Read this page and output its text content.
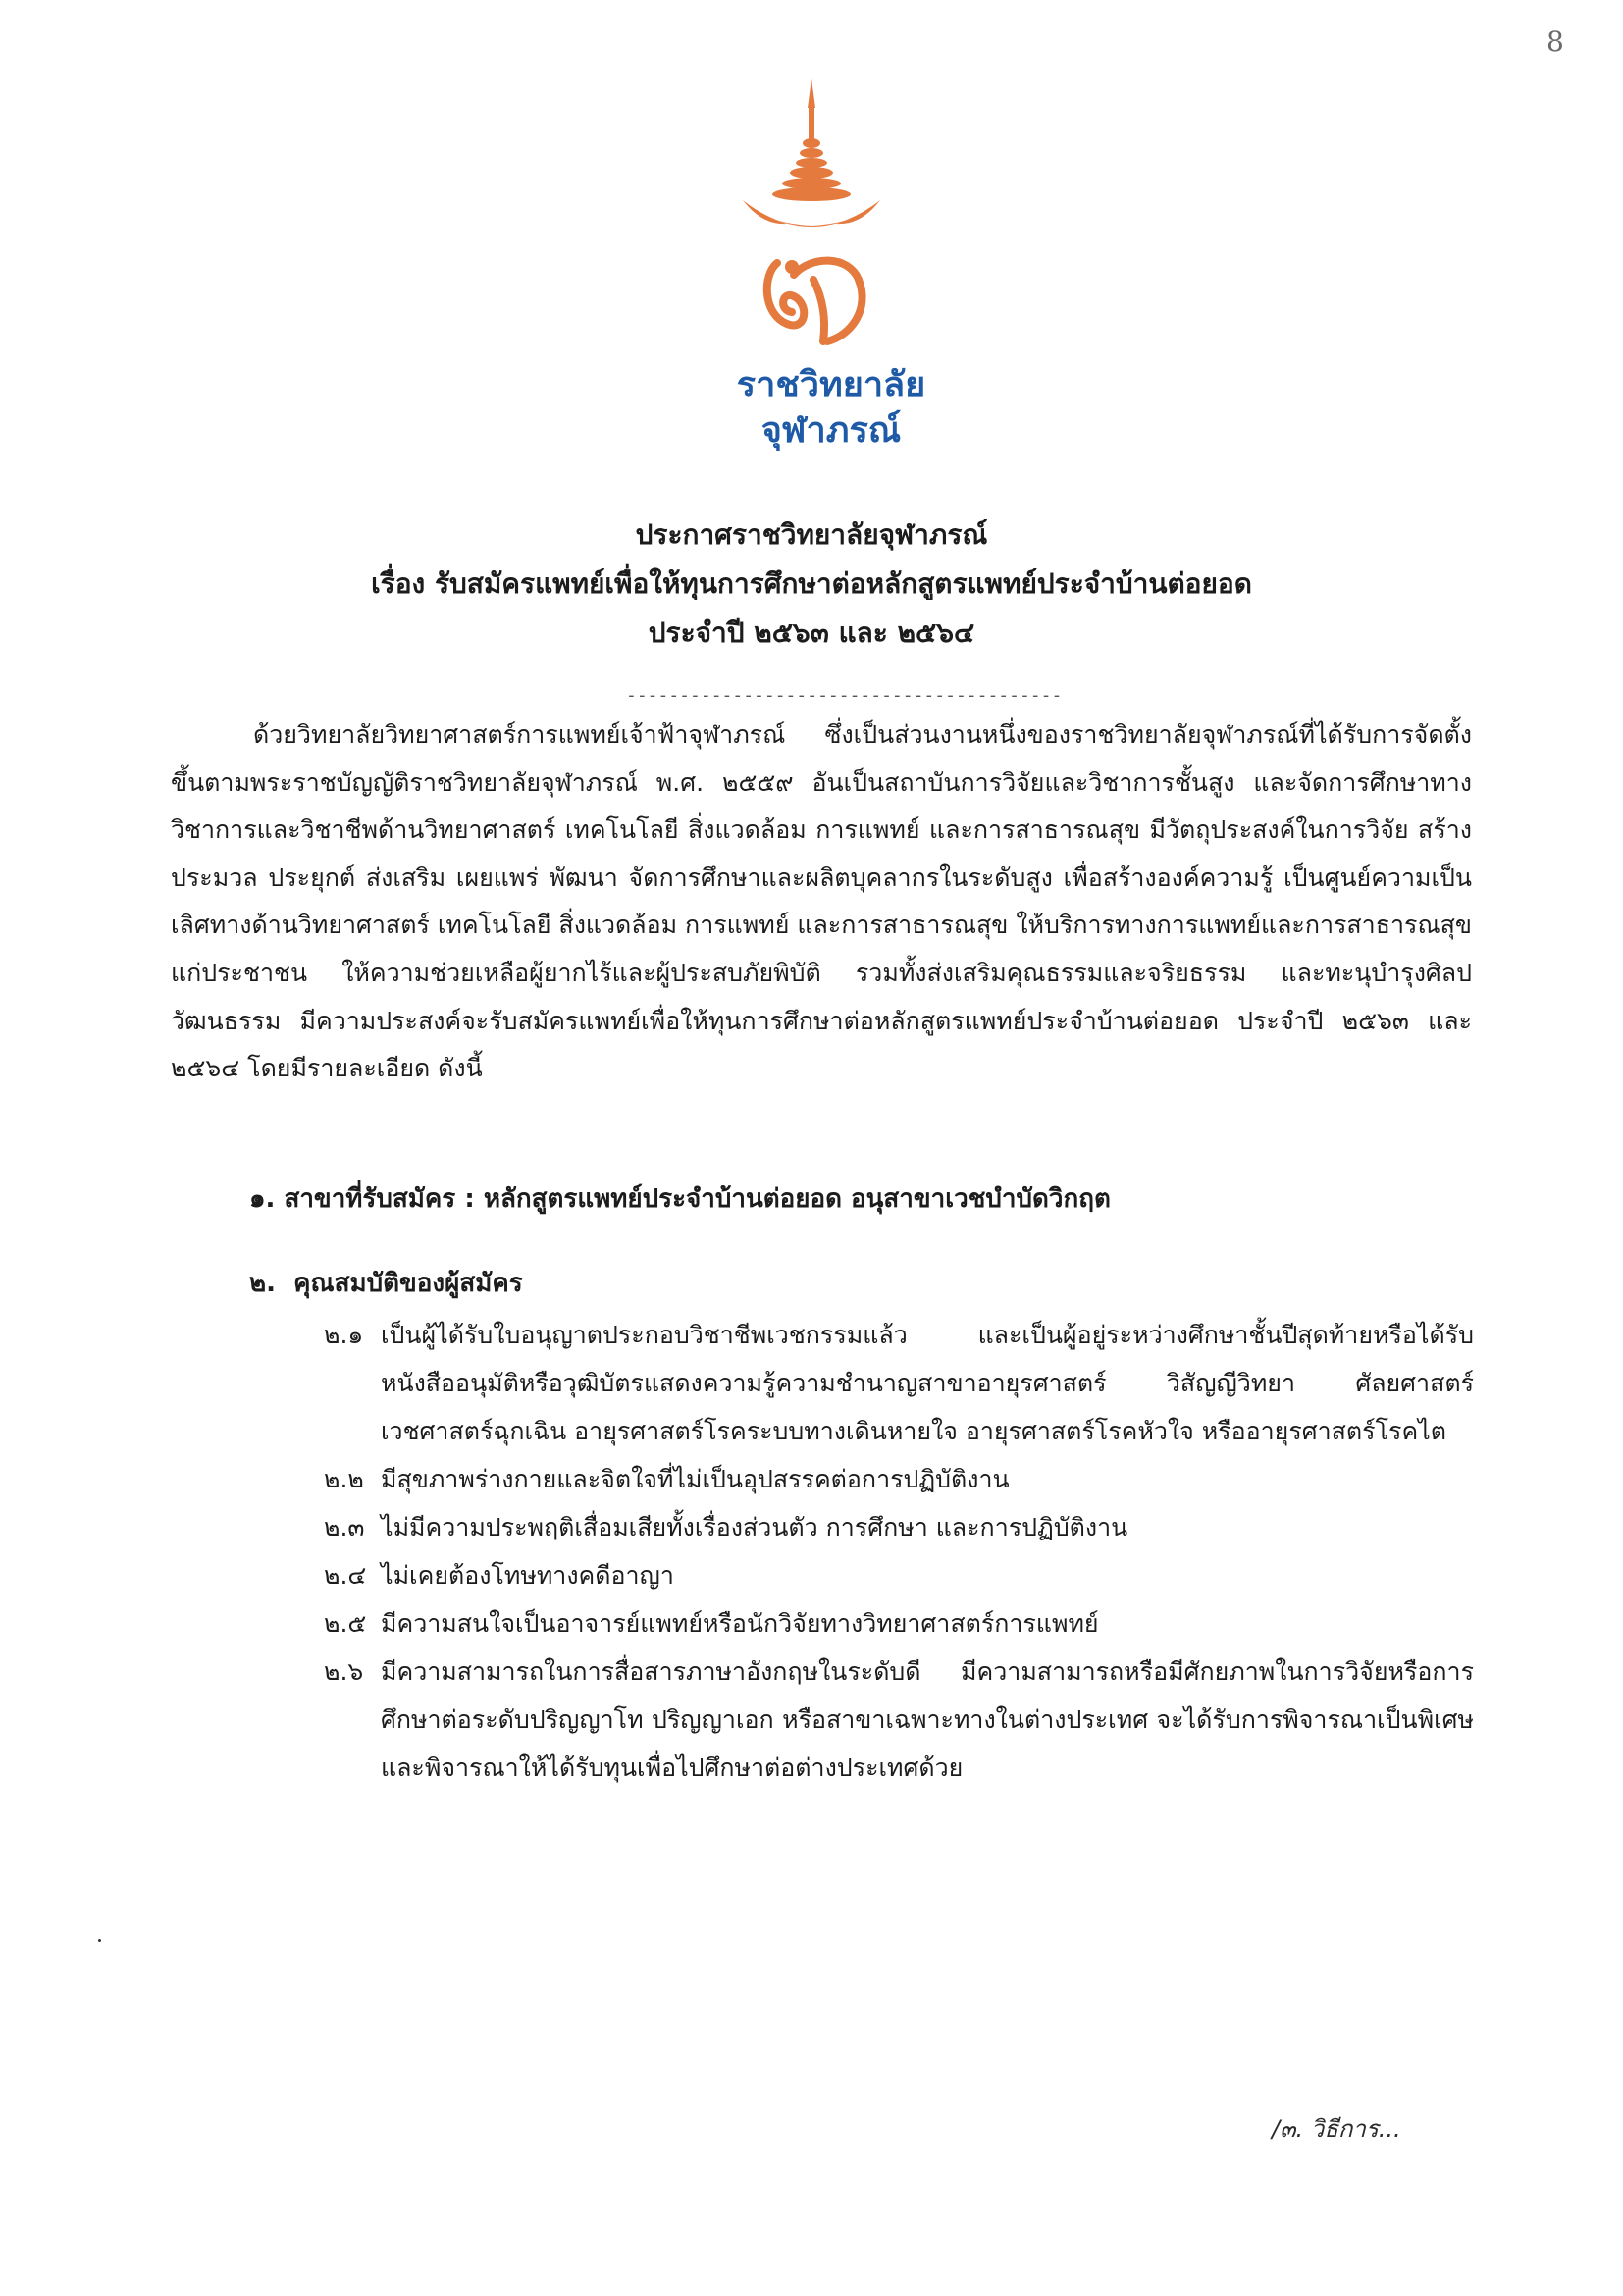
8
ราชวิทยาลัย
จุฬาภรณ์
ประกาศราชวิทยาลัยจุฬาภรณ์
เรื่อง รับสมัครแพทย์เพื่อให้ทุนการศึกษาต่อหลักสูตรแพทย์ประจำบ้านต่อยอด
ประจำปี ๒๕๖๓ และ ๒๕๖๔
-----------------------------------------

ด้วยวิทยาลัยวิทยาศาสตร์การแพทย์เจ้าฟ้าจุฬาภรณ์ ซึ่งเป็นส่วนงานหนึ่งของราชวิทยาลัยจุฬาภรณ์ที่ได้รับการจัดตั้งขึ้นตามพระราชบัญญัติราชวิทยาลัยจุฬาภรณ์ พ.ศ. ๒๕๕๙ อันเป็นสถาบันการวิจัยและวิชาการชั้นสูง และจัดการศึกษาทางวิชาการและวิชาชีพด้านวิทยาศาสตร์ เทคโนโลยี สิ่งแวดล้อม การแพทย์ และการสาธารณสุข มีวัตถุประสงค์ในการวิจัย สร้าง ประมวล ประยุกต์ ส่งเสริม เผยแพร่ พัฒนา จัดการศึกษาและผลิตบุคลากรในระดับสูง เพื่อสร้างองค์ความรู้ เป็นศูนย์ความเป็นเลิศทางด้านวิทยาศาสตร์ เทคโนโลยี สิ่งแวดล้อม การแพทย์ และการสาธารณสุข ให้บริการทางการแพทย์และการสาธารณสุขแก่ประชาชน ให้ความช่วยเหลือผู้ยากไร้และผู้ประสบภัยพิบัติ รวมทั้งส่งเสริมคุณธรรมและจริยธรรม และทะนุบำรุงศิลปวัฒนธรรม มีความประสงค์จะรับสมัครแพทย์เพื่อให้ทุนการศึกษาต่อหลักสูตรแพทย์ประจำบ้านต่อยอด ประจำปี ๒๕๖๓ และ ๒๕๖๔ โดยมีรายละเอียด ดังนี้

๑. สาขาที่รับสมัคร : หลักสูตรแพทย์ประจำบ้านต่อยอด อนุสาขาเวชบำบัดวิกฤต
๒. คุณสมบัติของผู้สมัคร
๒.๑ เป็นผู้ได้รับใบอนุญาตประกอบวิชาชีพเวชกรรมแล้ว และเป็นผู้อยู่ระหว่างศึกษาชั้นปีสุดท้ายหรือได้รับหนังสืออนุมัติหรือวุฒิบัตรแสดงความรู้ความชำนาญสาขาอายุรศาสตร์ วิสัญญีวิทยา ศัลยศาสตร์ เวชศาสตร์ฉุกเฉิน อายุรศาสตร์โรคระบบทางเดินหายใจ อายุรศาสตร์โรคหัวใจ หรืออายุรศาสตร์โรคไต
๒.๒ มีสุขภาพร่างกายและจิตใจที่ไม่เป็นอุปสรรคต่อการปฏิบัติงาน
๒.๓ ไม่มีความประพฤติเสื่อมเสียทั้งเรื่องส่วนตัว การศึกษา และการปฏิบัติงาน
๒.๔ ไม่เคยต้องโทษทางคดีอาญา
๒.๕ มีความสนใจเป็นอาจารย์แพทย์หรือนักวิจัยทางวิทยาศาสตร์การแพทย์
๒.๖ มีความสามารถในการสื่อสารภาษาอังกฤษในระดับดี มีความสามารถหรือมีศักยภาพในการวิจัยหรือการศึกษาต่อระดับปริญญาโท ปริญญาเอก หรือสาขาเฉพาะทางในต่างประเทศ จะได้รับการพิจารณาเป็นพิเศษ และพิจารณาให้ได้รับทุนเพื่อไปศึกษาต่อต่างประเทศด้วย
/๓. วิธีการ...
